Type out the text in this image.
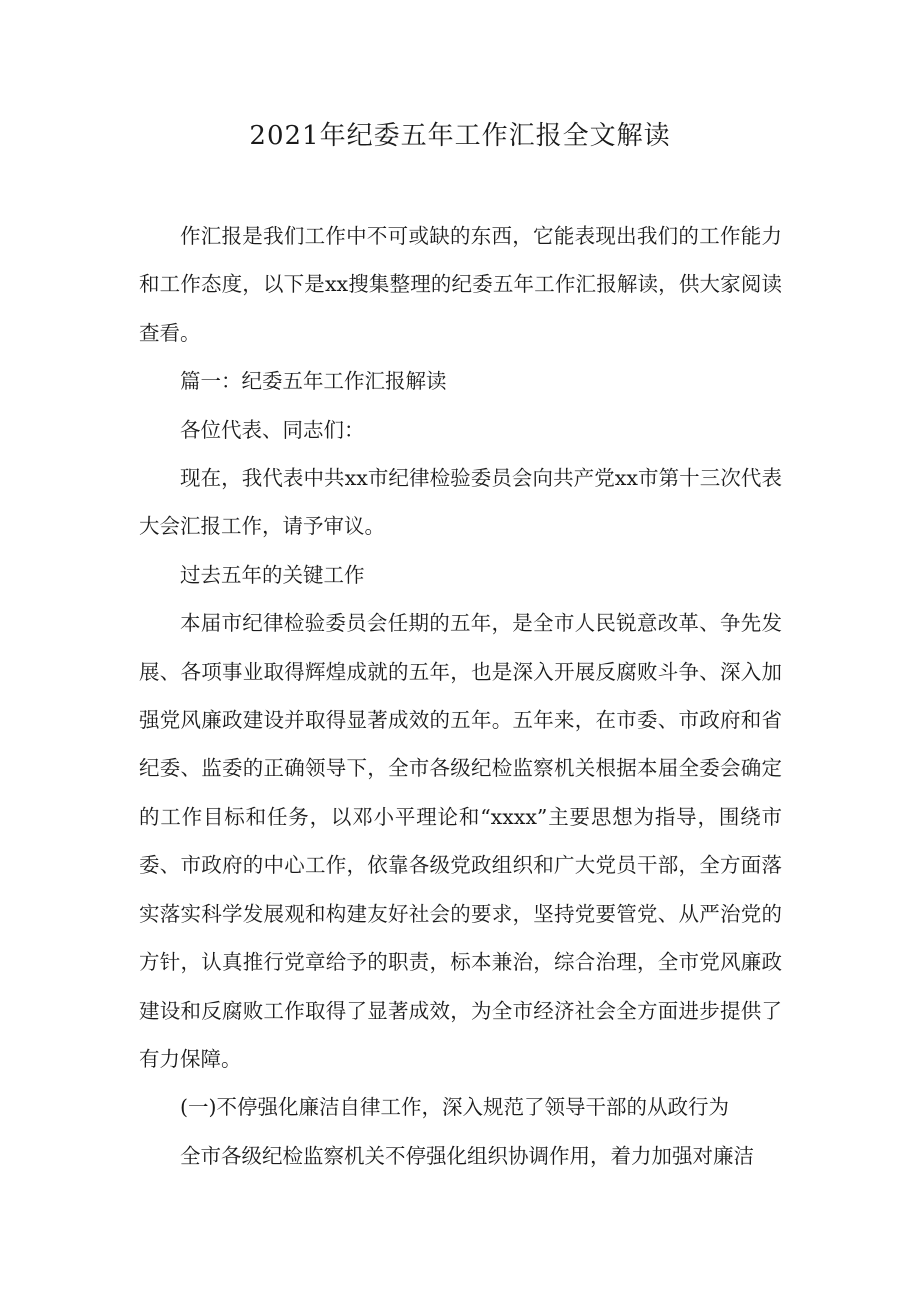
2021年纪委五年工作汇报全文解读

作汇报是我们工作中不可或缺的东西，它能表现出我们的工作能力和工作态度，以下是xx搜集整理的纪委五年工作汇报解读，供大家阅读查看。

篇一：纪委五年工作汇报解读

各位代表、同志们：

现在，我代表中共xx市纪律检验委员会向共产党xx市第十三次代表大会汇报工作，请予审议。

过去五年的关键工作

本届市纪律检验委员会任期的五年，是全市人民锐意改革、争先发展、各项事业取得辉煌成就的五年，也是深入开展反腐败斗争、深入加强党风廉政建设并取得显著成效的五年。五年来，在市委、市政府和省纪委、监委的正确领导下，全市各级纪检监察机关根据本届全委会确定的工作目标和任务，以邓小平理论和“xxxx”主要思想为指导，围绕市委、市政府的中心工作，依靠各级党政组织和广大党员干部，全方面落实落实科学发展观和构建友好社会的要求，坚持党要管党、从严治党的方针，认真推行党章给予的职责，标本兼治，综合治理，全市党风廉政建设和反腐败工作取得了显著成效，为全市经济社会全方面进步提供了有力保障。

(一)不停强化廉洁自律工作，深入规范了领导干部的从政行为

全市各级纪检监察机关不停强化组织协调作用，着力加强对廉洁
